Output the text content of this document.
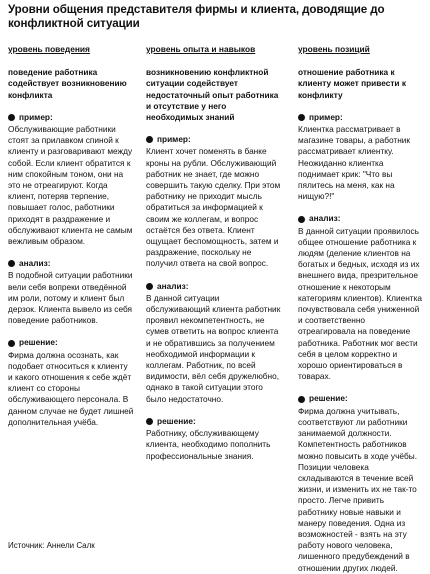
Уровни общения представителя фирмы и клиента, доводящие до конфликтной ситуации
уровень поведения
поведение работника содействует возникновению конфликта
пример:
Обслуживающие работники стоят за прилавком спиной к клиенту и разговаривают между собой. Если клиент обратится к ним спокойным тоном, они на это не отреагируют. Когда клиент, потеряв терпение, повышает голос, работники приходят в раздражение и обслуживают клиента не самым вежливым образом.
анализ:
В подобной ситуации работники вели себя вопреки отведённой им роли, потому и клиент был дерзок. Клиента вывело из себя поведение работников.
решение:
Фирма должна осознать, как подобает относиться к клиенту и какого отношения к себе ждёт клиент со стороны обслуживающего персонала. В данном случае не будет лишней дополнительная учёба.
уровень опыта и навыков
возникновению конфликтной ситуации содействует недостаточный опыт работника и отсутствие у него необходимых знаний
пример:
Клиент хочет поменять в банке кроны на рубли. Обслуживающий работник не знает, где можно совершить такую сделку. При этом работнику не приходит мысль обратиться за информацией к своим же коллегам, и вопрос остаётся без ответа. Клиент ощущает беспомощность, затем и раздражение, поскольку не получил ответа на свой вопрос.
анализ:
В данной ситуации обслуживающий клиента работник проявил некомпетентность, не сумев ответить на вопрос клиента и не обратившись за получением необходимой информации к коллегам. Работник, по всей видимости, вёл себя дружелюбно, однако в такой ситуации этого было недостаточно.
решение:
Работнику, обслуживающему клиента, необходимо пополнить профессиональные знания.
уровень позиций
отношение работника к клиенту может привести к конфликту
пример:
Клиентка рассматривает в магазине товары, а работник рассматривает клиентку. Неожиданно клиентка поднимает крик: "Что вы пялитесь на меня, как на нищую?!"
анализ:
В данной ситуации проявилось общее отношение работника к людям (деление клиентов на богатых и бедных, исходя из их внешнего вида, презрительное отношение к некоторым категориям клиентов). Клиентка почувствовала себя униженной и соответственно отреагировала на поведение работника. Работник мог вести себя в целом корректно и хорошо ориентироваться в товарах.
решение:
Фирма должна учитывать, соответствуют ли работники занимаемой должности. Компетентность работников можно повысить в ходе учёбы. Позиции человека складываются в течение всей жизни, и изменить их не так-то просто. Легче привить работнику новые навыки и манеру поведения. Одна из возможностей - взять на эту работу нового человека, лишенного предубеждений в отношении других людей.
Источник: Аннели Салк
